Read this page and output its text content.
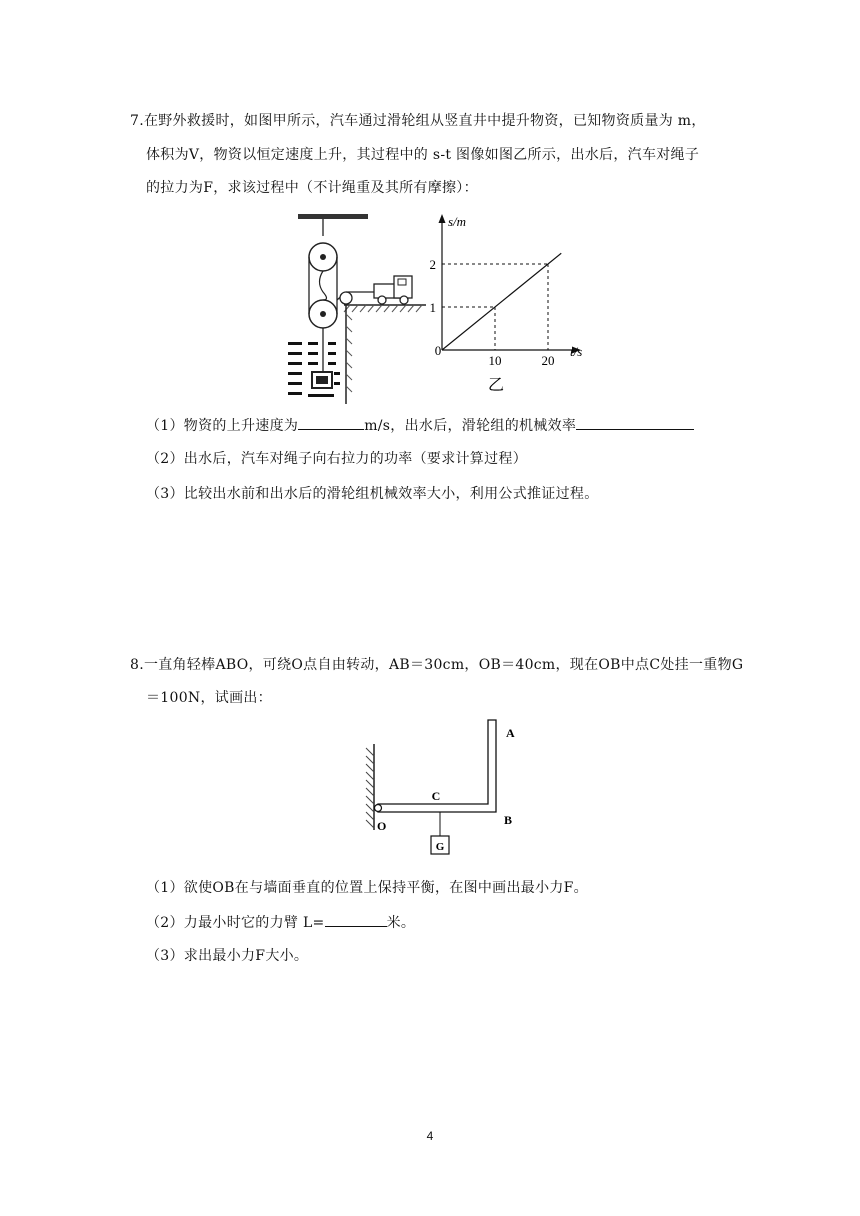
7.在野外救援时，如图甲所示，汽车通过滑轮组从竖直井中提升物资，已知物资质量为 m，
体积为V，物资以恒定速度上升，其过程中的 s-t 图像如图乙所示，出水后，汽车对绳子
的拉力为F，求该过程中（不计绳重及其所有摩擦）：
s/m
t/s
0
10
1
20
2
乙
（1）物资的上升速度为	m/s，出水后，滑轮组的机械效率
（2）出水后，汽车对绳子向右拉力的功率（要求计算过程）
（3）比较出水前和出水后的滑轮组机械效率大小，利用公式推证过程。
8.一直角轻棒ABO，可绕O点自由转动，AB＝30cm，OB＝40cm，现在OB中点C处挂一重物G
＝100N，试画出：
G
A
B
C
O
（1）欲使OB在与墙面垂直的位置上保持平衡，在图中画出最小力F。
（2）力最小时它的力臂 L=	米。
（3）求出最小力F大小。
4
